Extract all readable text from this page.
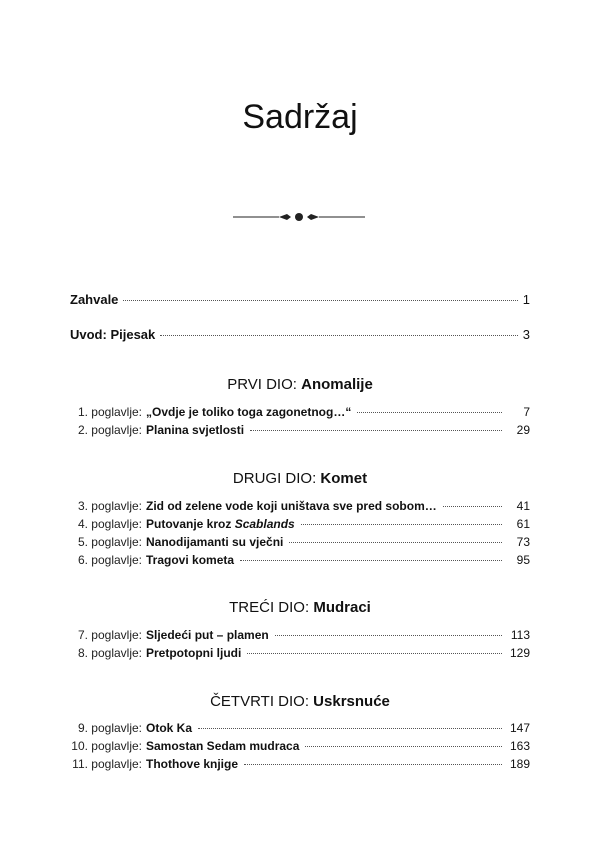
Sadržaj
Zahvale	1
Uvod: Pijesak	3
PRVI DIO: Anomalije
1. poglavlje: „Ovdje je toliko toga zagonetnog…“	7
2. poglavlje: Planina svjetlosti	29
DRUGI DIO: Komet
3. poglavlje: Zid od zelene vode koji uništava sve pred sobom…	41
4. poglavlje: Putovanje kroz Scablands	61
5. poglavlje: Nanodijamanti su vječni	73
6. poglavlje: Tragovi kometa	95
TREĆI DIO: Mudraci
7. poglavlje: Sljedeći put – plamen	113
8. poglavlje: Pretpotopni ljudi	129
ČETVRTI DIO: Uskrsnuće
9. poglavlje: Otok Ka	147
10. poglavlje: Samostan Sedam mudraca	163
11. poglavlje: Thothove knjige	189
